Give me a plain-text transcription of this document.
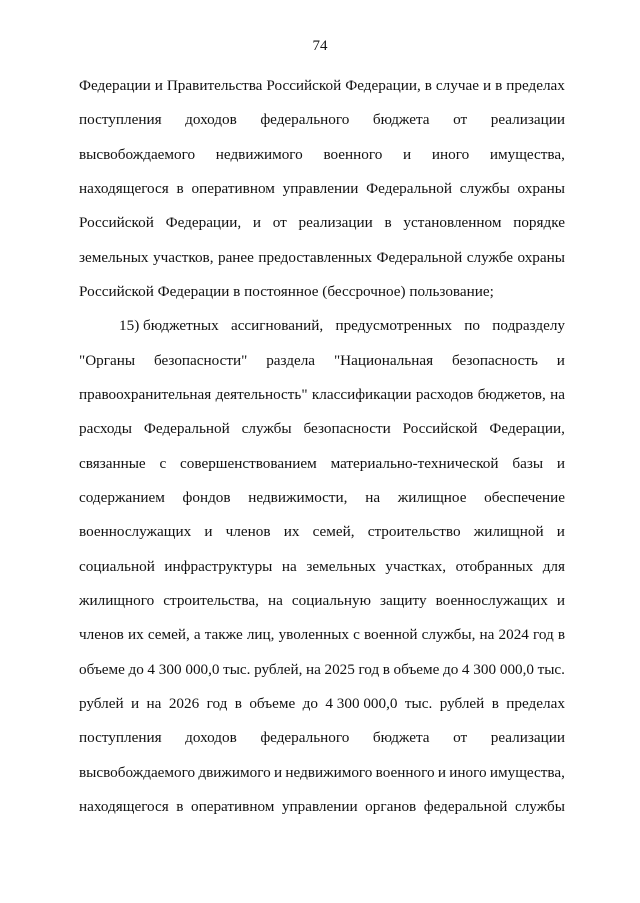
74
Федерации и Правительства Российской Федерации, в случае и в пределах
поступления доходов федерального бюджета от реализации
высвобождаемого недвижимого военного и иного имущества,
находящегося в оперативном управлении Федеральной службы охраны
Российской Федерации, и от реализации в установленном порядке
земельных участков, ранее предоставленных Федеральной службе охраны
Российской Федерации в постоянное (бессрочное) пользование;
15) бюджетных ассигнований, предусмотренных по подразделу
"Органы безопасности" раздела "Национальная безопасность и
правоохранительная деятельность" классификации расходов бюджетов, на
расходы Федеральной службы безопасности Российской Федерации,
связанные с совершенствованием материально-технической базы и
содержанием фондов недвижимости, на жилищное обеспечение
военнослужащих и членов их семей, строительство жилищной и
социальной инфраструктуры на земельных участках, отобранных для
жилищного строительства, на социальную защиту военнослужащих и
членов их семей, а также лиц, уволенных с военной службы, на 2024 год в
объеме до 4 300 000,0 тыс. рублей, на 2025 год в объеме до 4 300 000,0 тыс.
рублей и на 2026 год в объеме до 4 300 000,0 тыс. рублей в пределах
поступления доходов федерального бюджета от реализации
высвобождаемого движимого и недвижимого военного и иного имущества,
находящегося в оперативном управлении органов федеральной службы
